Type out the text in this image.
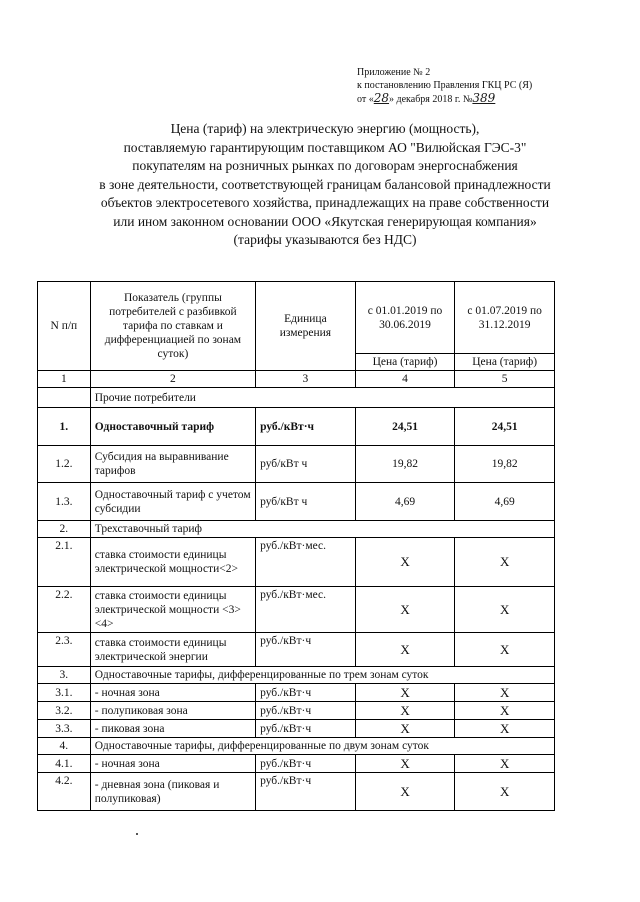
Приложение № 2
к постановлению Правления ГКЦ РС (Я)
от «28» декабря 2018 г. №389
Цена (тариф) на электрическую энергию (мощность),
поставляемую гарантирующим поставщиком АО "Вилюйская ГЭС-3"
покупателям на розничных рынках по договорам энергоснабжения
в зоне деятельности, соответствующей границам балансовой принадлежности
объектов электросетевого хозяйства, принадлежащих на праве собственности
или ином законном основании ООО «Якутская генерирующая компания»
(тарифы указываются без НДС)
N п/п	Показатель (группы потребителей с разбивкой тарифа по ставкам и дифференциацией по зонам суток)	Единица измерения	с 01.01.2019 по 30.06.2019	с 01.07.2019 по 31.12.2019
			Цена (тариф)	Цена (тариф)
1	2	3	4	5
	Прочие потребители			
1.	Одноставочный тариф	руб./кВт·ч	24,51	24,51
1.2.	Субсидия на выравнивание тарифов	руб/кВт ч	19,82	19,82
1.3.	Одноставочный тариф с учетом субсидии	руб/кВт ч	4,69	4,69
2.	Трехставочный тариф			
2.1.	ставка стоимости единицы электрической мощности<2>	руб./кВт·мес.	X	X
2.2.	ставка стоимости единицы электрической мощности <3><4>	руб./кВт·мес.	X	X
2.3.	ставка стоимости единицы электрической энергии	руб./кВт·ч	X	X
3.	Одноставочные тарифы, дифференцированные по трем зонам суток			
3.1.	- ночная зона	руб./кВт·ч	X	X
3.2.	- полупиковая зона	руб./кВт·ч	X	X
3.3.	- пиковая зона	руб./кВт·ч	X	X
4.	Одноставочные тарифы, дифференцированные по двум зонам суток			
4.1.	- ночная зона	руб./кВт·ч	X	X
4.2.	- дневная зона (пиковая и полупиковая)	руб./кВт·ч	X	X
